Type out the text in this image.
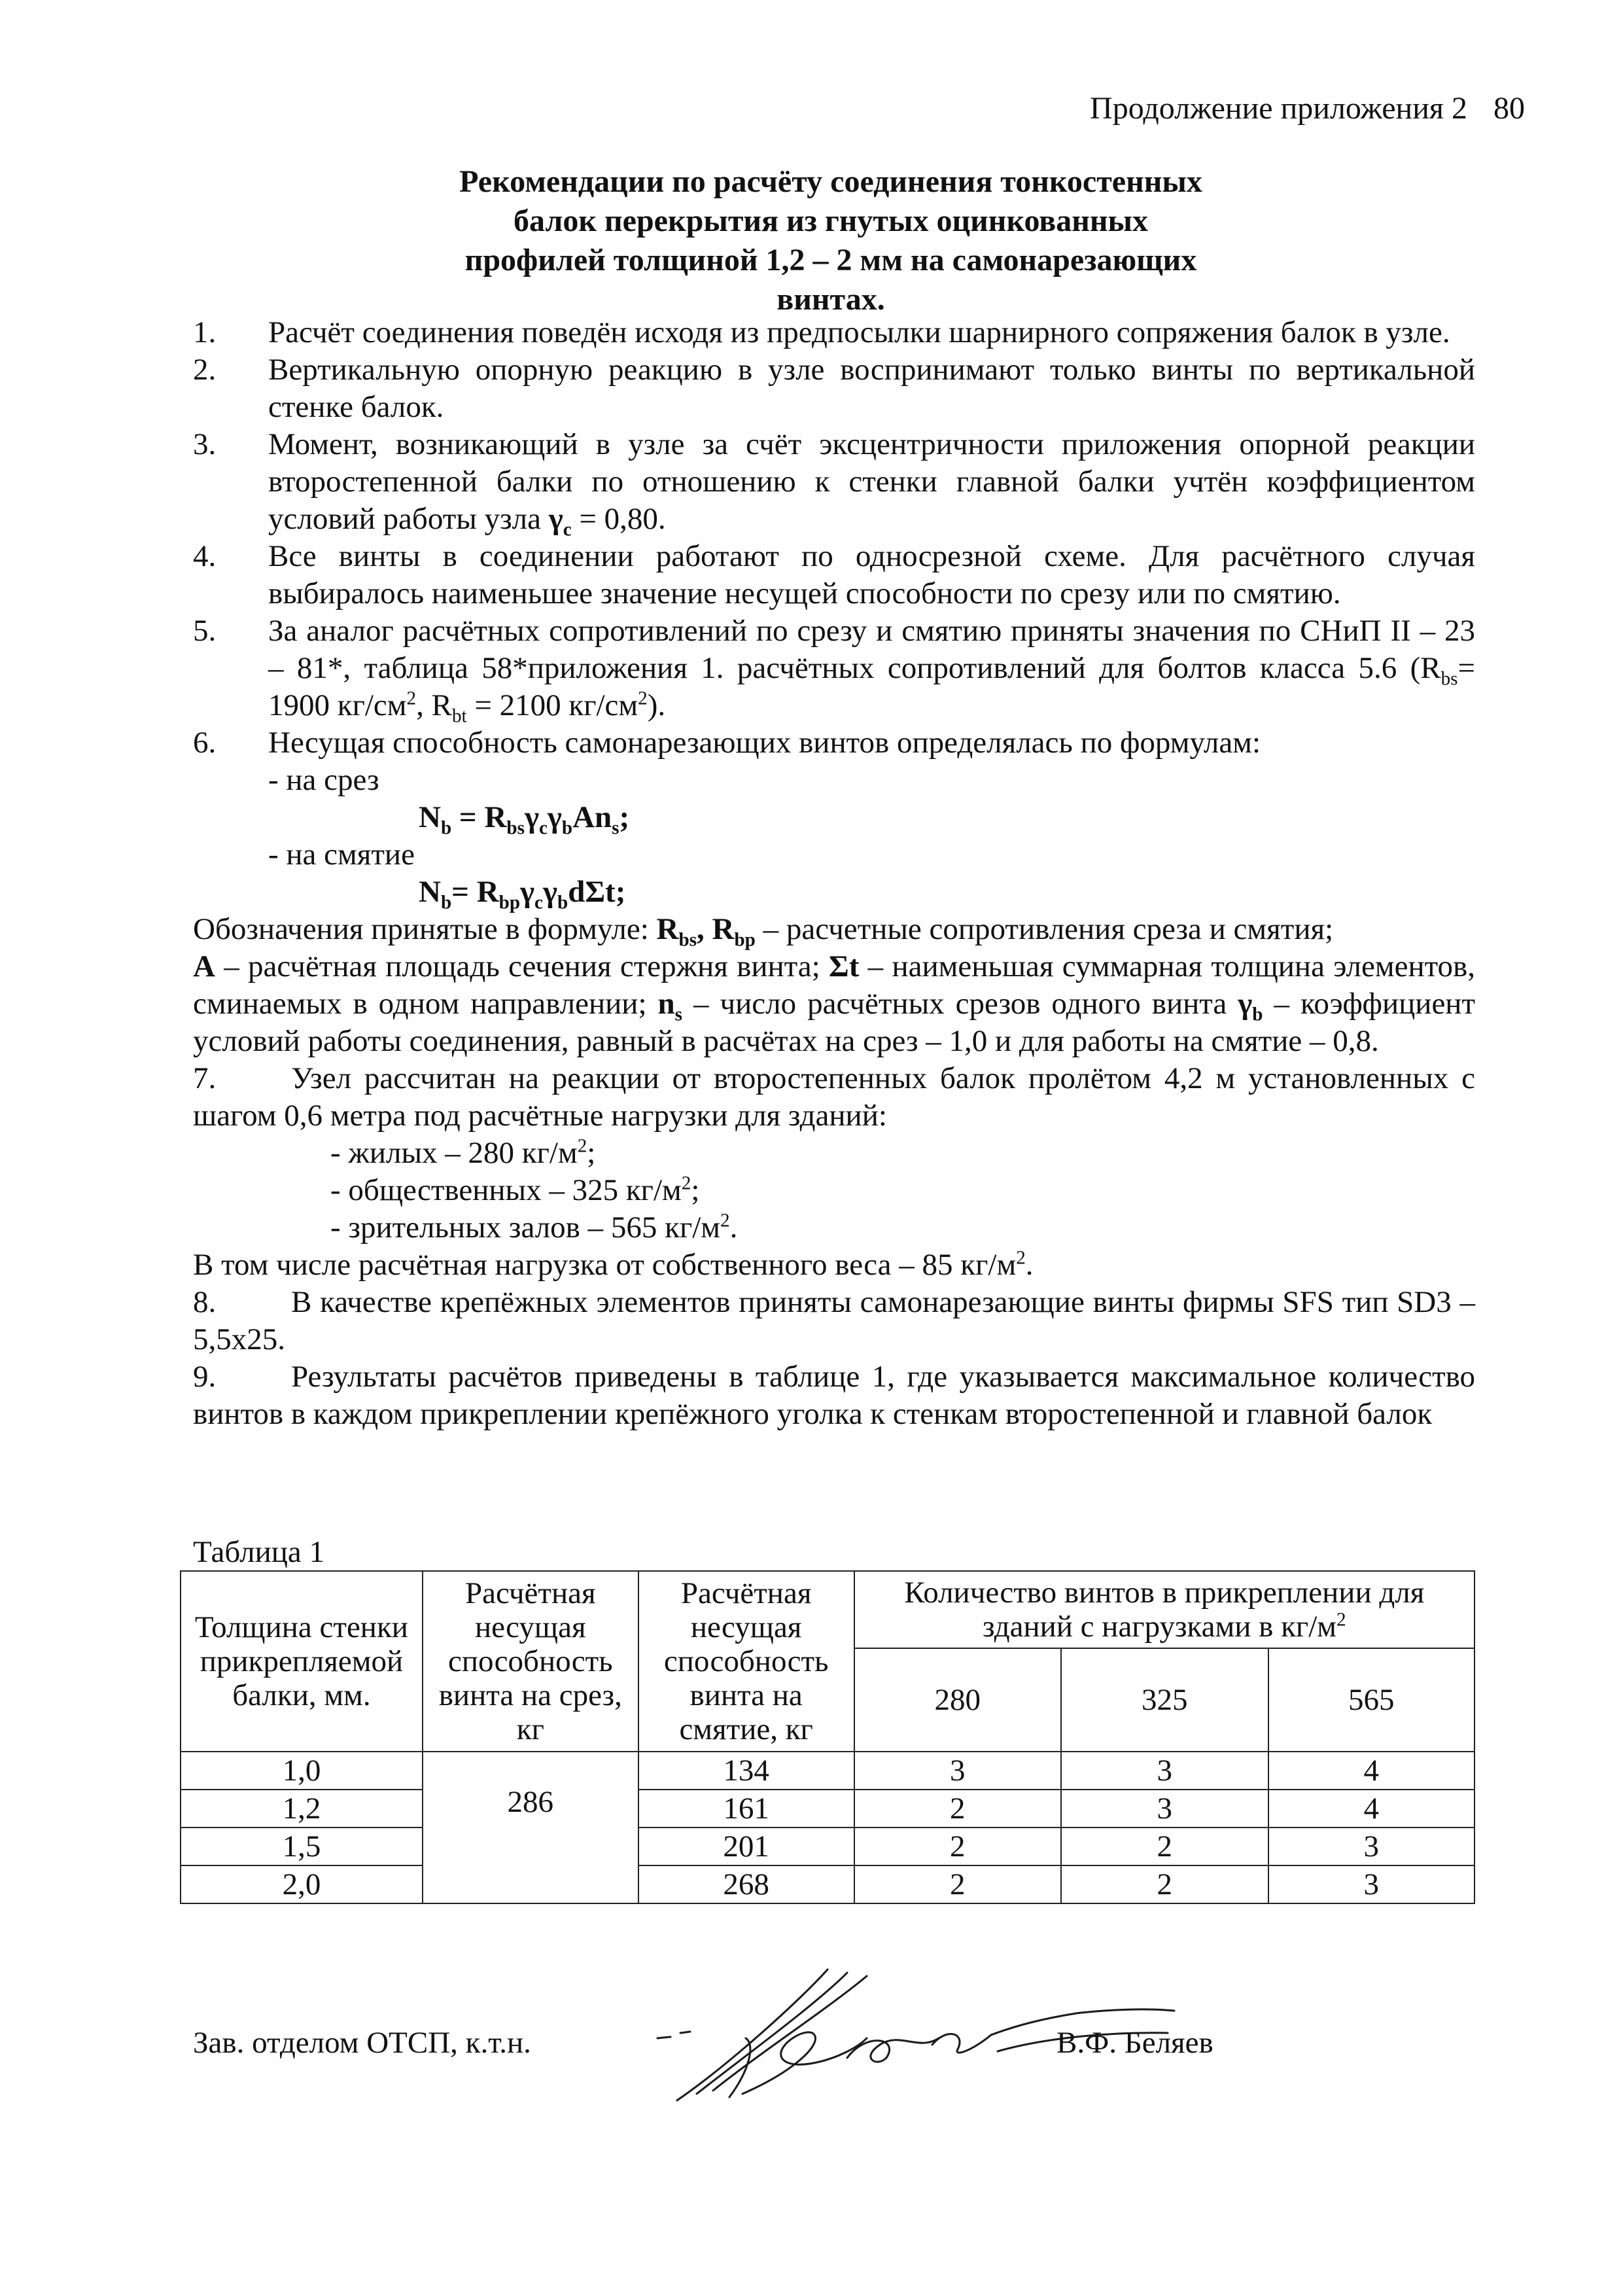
Продолжение приложения 2 80
Рекомендации по расчёту соединения тонкостенных
балок перекрытия из гнутых оцинкованных
профилей толщиной 1,2 – 2 мм на самонарезающих
винтах.
1. Расчёт соединения поведён исходя из предпосылки шарнирного сопряжения балок в узле.
2. Вертикальную опорную реакцию в узле воспринимают только винты по вертикальной стенке балок.
3. Момент, возникающий в узле за счёт эксцентричности приложения опорной реакции второстепенной балки по отношению к стенки главной балки учтён коэффициентом условий работы узла $\gamma_c = 0,80$.
4. Все винты в соединении работают по односрезной схеме. Для расчётного случая выбиралось наименьшее значение несущей способности по срезу или по смятию.
5. За аналог расчётных сопротивлений по срезу и смятию приняты значения по СНиП II – 23 – 81*, таблица 58*приложения 1. расчётных сопротивлений для болтов класса 5.6 ($R_{bs}= 1900$ $кг/см^2$, $R_{bt} = 2100$ $кг/см^2$).
6. Несущая способность самонарезающих винтов определялась по формулам:
- на срез
$N_b = R_{bs}\gamma_c\gamma_bAn_s$;
- на смятие
$N_b= R_{bp}\gamma_c\gamma_bd\Sigma t$;
Обозначения принятые в формуле: $R_{bs}$, $R_{bp}$ – расчетные сопротивления среза и смятия;
А – расчётная площадь сечения стержня винта; Σt – наименьшая суммарная толщина элементов, сминаемых в одном направлении; $n_s$ – число расчётных срезов одного винта $\gamma_b$ – коэффициент условий работы соединения, равный в расчётах на срез – 1,0 и для работы на смятие – 0,8.
7. Узел рассчитан на реакции от второстепенных балок пролётом 4,2 м установленных с шагом 0,6 метра под расчётные нагрузки для зданий:
- жилых – 280 $кг/м^2$;
- общественных – 325 $кг/м^2$;
- зрительных залов – 565 $кг/м^2$.
В том числе расчётная нагрузка от собственного веса – 85 $кг/м^2$.
8. В качестве крепёжных элементов приняты самонарезающие винты фирмы SFS тип SD3 – 5,5x25.
9. Результаты расчётов приведены в таблице 1, где указывается максимальное количество винтов в каждом прикреплении крепёжного уголка к стенкам второстепенной и главной балок
Таблица 1
Толщина стенки прикрепляемой балки, мм.	Расчётная несущая способность винта на срез, кг	Расчётная несущая способность винта на смятие, кг	Количество винтов в прикреплении для зданий с нагрузками в $кг/м^2$
			280	325	565
1,0	286	134	3	3	4
1,2		161	2	3	4
1,5		201	2	2	3
2,0		268	2	2	3
Зав. отделом ОТСП, к.т.н.	В.Ф. Беляев
